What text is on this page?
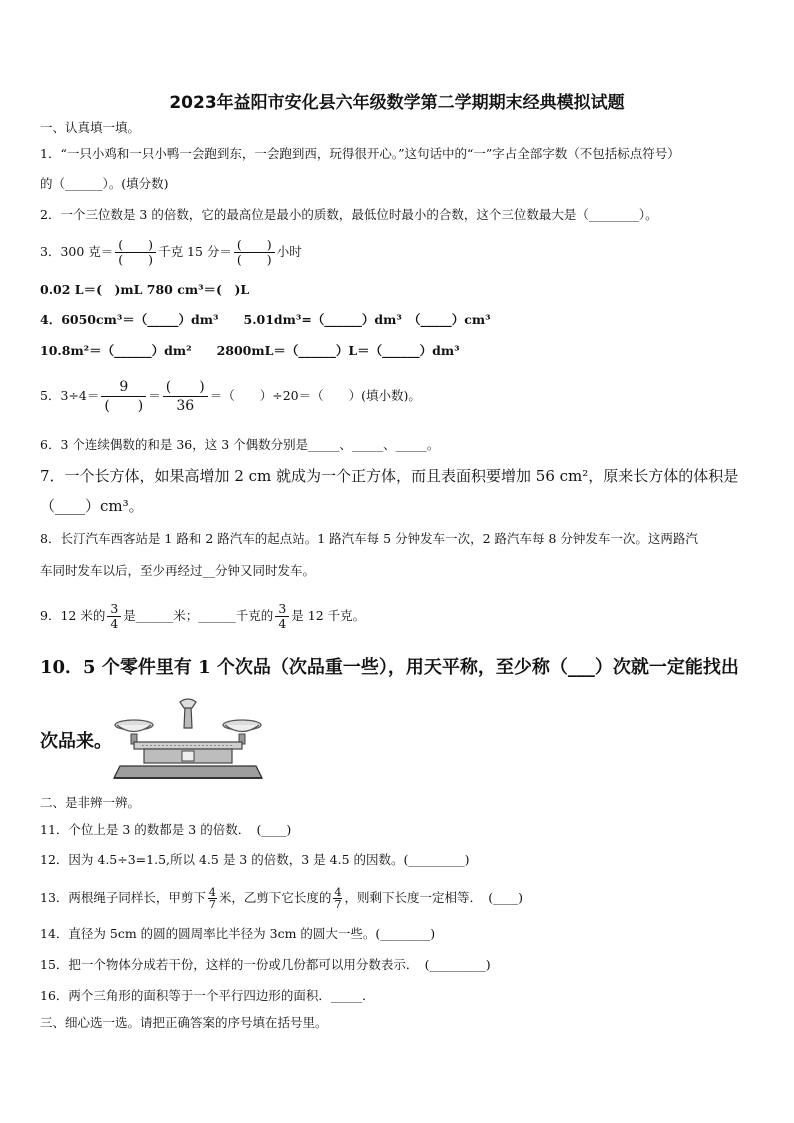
2023年益阳市安化县六年级数学第二学期期末经典模拟试题
一、认真填一填。
1．“一只小鸡和一只小鸭一会跑到东，一会跑到西，玩得很开心。”这句话中的“一”字占全部字数（不包括标点符号）
的（______）。(填分数)
2．一个三位数是 3 的倍数，它的最高位是最小的质数，最低位时最小的合数，这个三位数最大是（________）。
3．300 克＝ $\frac{( )}{( )}$ 千克 15 分＝ $\frac{( )}{( )}$ 小时
0.02 L＝(　)mL 780 cm³＝(　)L
4．6050cm³＝（_____）dm³　　5.01dm³=（______）dm³　（_____）cm³
10.8m²＝（______）dm²　　2800mL＝（______）L＝（______）dm³
5．$3\div 4= \frac{9}{( )} = \frac{( )}{36}$ ＝（　　）÷20＝（　　）(填小数)。
6．3 个连续偶数的和是 36，这 3 个偶数分别是_____、_____、_____。
7．一个长方体，如果高增加 2 cm 就成为一个正方体，而且表面积要增加 56 cm²，原来长方体的体积是
（____）cm³。
8．长汀汽车西客站是 1 路和 2 路汽车的起点站。1 路汽车每 5 分钟发车一次，2 路汽车每 8 分钟发车一次。这两路汽
车同时发车以后，至少再经过__分钟又同时发车。
9．12 米的 $\frac{3}{4}$ 是______米；______千克的 $\frac{3}{4}$ 是 12 千克。
10．5 个零件里有 1 个次品（次品重一些），用天平称，至少称（___）次就一定能找出
次品来。
二、是非辨一辨。
11．个位上是 3 的数都是 3 的倍数．　(____)
12．因为 4.5÷3=1.5,所以 4.5 是 3 的倍数，3 是 4.5 的因数。(_________)
13．两根绳子同样长，甲剪下 $\frac{4}{7}$ 米，乙剪下它长度的 $\frac{4}{7}$ ，则剩下长度一定相等．　(____)
14．直径为 5cm 的圆的圆周率比半径为 3cm 的圆大一些。(________)
15．把一个物体分成若干份，这样的一份或几份都可以用分数表示．　(_________)
16．两个三角形的面积等于一个平行四边形的面积．_____．
三、细心选一选。请把正确答案的序号填在括号里。
